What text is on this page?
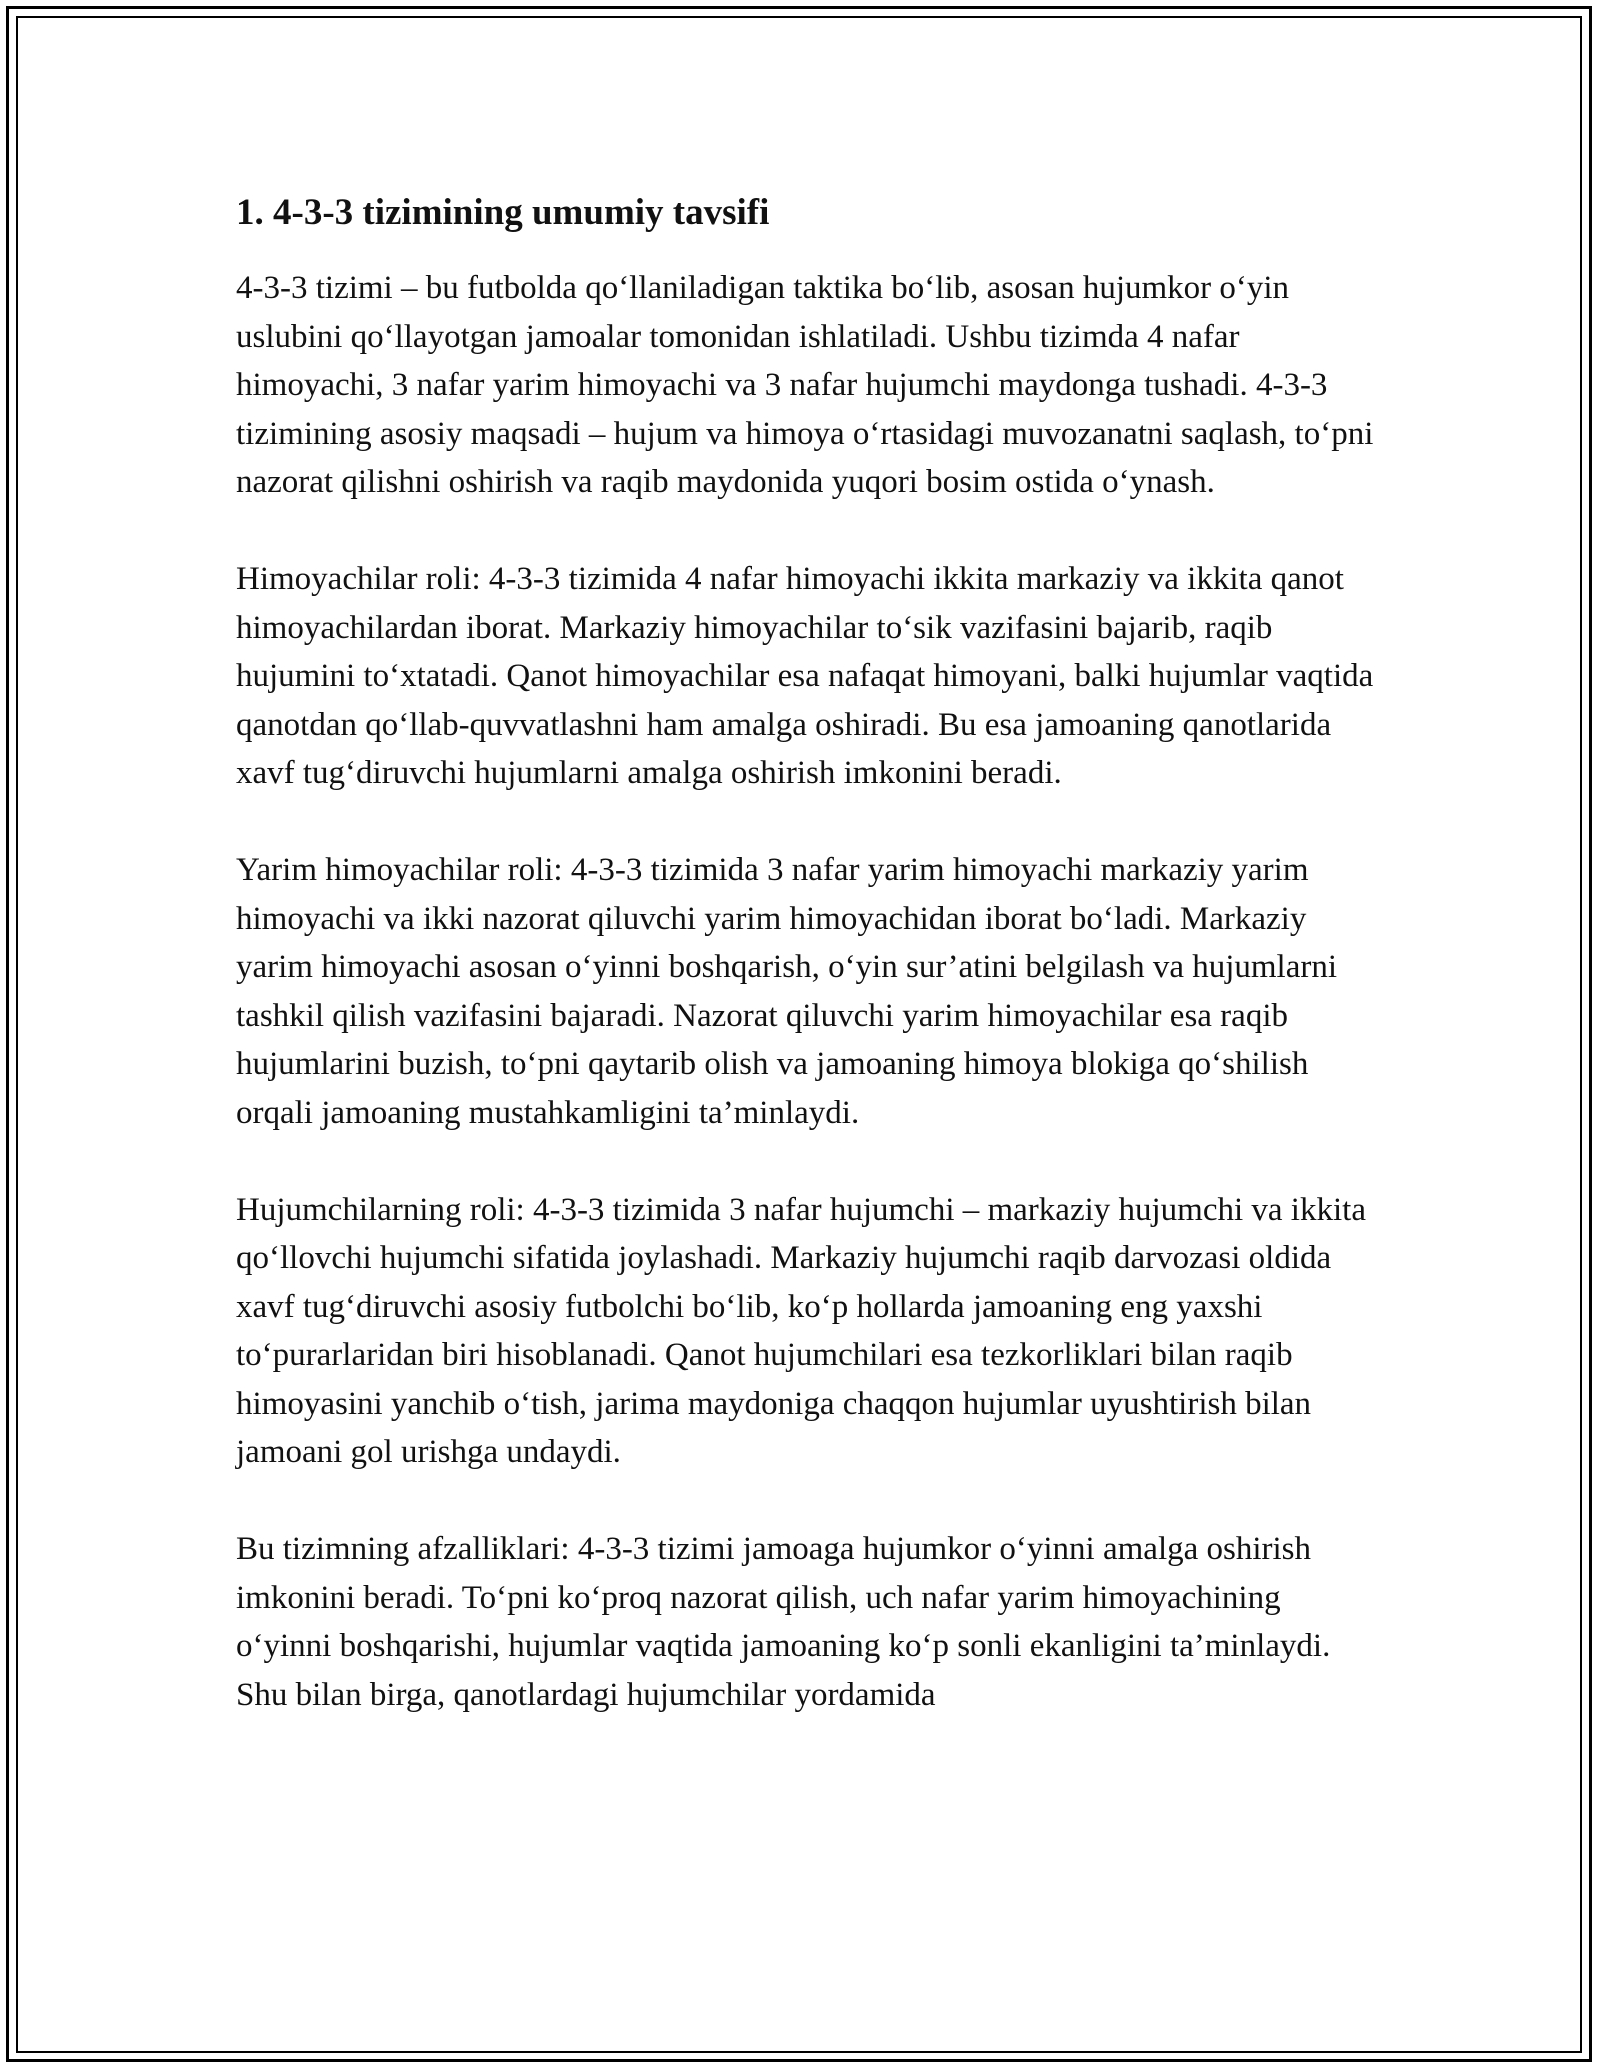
1. 4-3-3 tizimining umumiy tavsifi

4-3-3 tizimi – bu futbolda qo‘llaniladigan taktika bo‘lib, asosan hujumkor o‘yin uslubini qo‘llayotgan jamoalar tomonidan ishlatiladi. Ushbu tizimda 4 nafar himoyachi, 3 nafar yarim himoyachi va 3 nafar hujumchi maydonga tushadi. 4-3-3 tizimining asosiy maqsadi – hujum va himoya o‘rtasidagi muvozanatni saqlash, to‘pni nazorat qilishni oshirish va raqib maydonida yuqori bosim ostida o‘ynash.

Himoyachilar roli: 4-3-3 tizimida 4 nafar himoyachi ikkita markaziy va ikkita qanot himoyachilardan iborat. Markaziy himoyachilar to‘sik vazifasini bajarib, raqib hujumini to‘xtatadi. Qanot himoyachilar esa nafaqat himoyani, balki hujumlar vaqtida qanotdan qo‘llab-quvvatlashni ham amalga oshiradi. Bu esa jamoaning qanotlarida xavf tug‘diruvchi hujumlarni amalga oshirish imkonini beradi.

Yarim himoyachilar roli: 4-3-3 tizimida 3 nafar yarim himoyachi markaziy yarim himoyachi va ikki nazorat qiluvchi yarim himoyachidan iborat bo‘ladi. Markaziy yarim himoyachi asosan o‘yinni boshqarish, o‘yin sur’atini belgilash va hujumlarni tashkil qilish vazifasini bajaradi. Nazorat qiluvchi yarim himoyachilar esa raqib hujumlarini buzish, to‘pni qaytarib olish va jamoaning himoya blokiga qo‘shilish orqali jamoaning mustahkamligini ta’minlaydi.

Hujumchilarning roli: 4-3-3 tizimida 3 nafar hujumchi – markaziy hujumchi va ikkita qo‘llovchi hujumchi sifatida joylashadi. Markaziy hujumchi raqib darvozasi oldida xavf tug‘diruvchi asosiy futbolchi bo‘lib, ko‘p hollarda jamoaning eng yaxshi to‘purarlaridan biri hisoblanadi. Qanot hujumchilari esa tezkorliklari bilan raqib himoyasini yanchib o‘tish, jarima maydoniga chaqqon hujumlar uyushtirish bilan jamoani gol urishga undaydi.

Bu tizimning afzalliklari: 4-3-3 tizimi jamoaga hujumkor o‘yinni amalga oshirish imkonini beradi. To‘pni ko‘proq nazorat qilish, uch nafar yarim himoyachining o‘yinni boshqarishi, hujumlar vaqtida jamoaning ko‘p sonli ekanligini ta’minlaydi. Shu bilan birga, qanotlardagi hujumchilar yordamida
